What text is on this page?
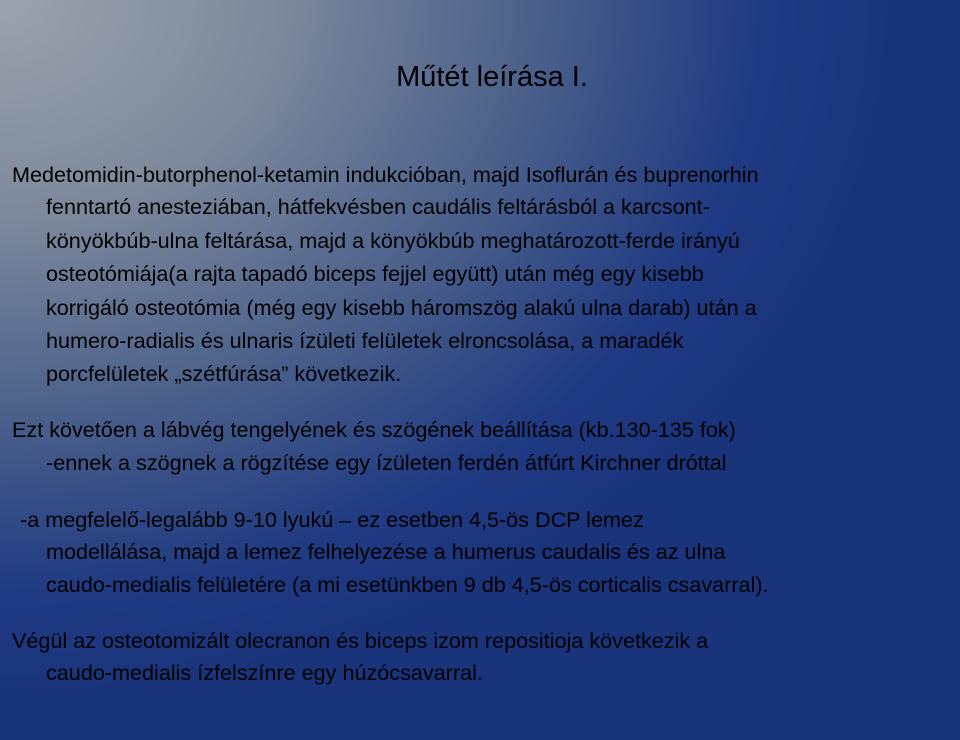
Műtét leírása I.
Medetomidin-butorphenol-ketamin indukcióban, majd Isoflurán és buprenorhin
fenntartó anesteziában, hátfekvésben caudális feltárásból a karcsont-
könyökbúb-ulna feltárása, majd a könyökbúb meghatározott-ferde irányú
osteotómiája(a rajta tapadó biceps fejjel együtt) után még egy kisebb
korrigáló osteotómia (még egy kisebb háromszög alakú ulna darab) után a
humero-radialis és ulnaris ízületi felületek elroncsolása, a maradék
porcfelületek „szétfúrása” következik.
Ezt követően a lábvég tengelyének és szögének beállítása (kb.130-135 fok)
-ennek a szögnek a rögzítése egy ízületen ferdén átfúrt Kirchner dróttal
-a megfelelő-legalább 9-10 lyukú – ez esetben 4,5-ös DCP lemez
modellálása, majd a lemez felhelyezése a humerus caudalis és az ulna
caudo-medialis felületére (a mi esetünkben 9 db 4,5-ös corticalis csavarral).
Végül az osteotomizált olecranon és biceps izom repositioja következik a
caudo-medialis ízfelszínre egy húzócsavarral.
